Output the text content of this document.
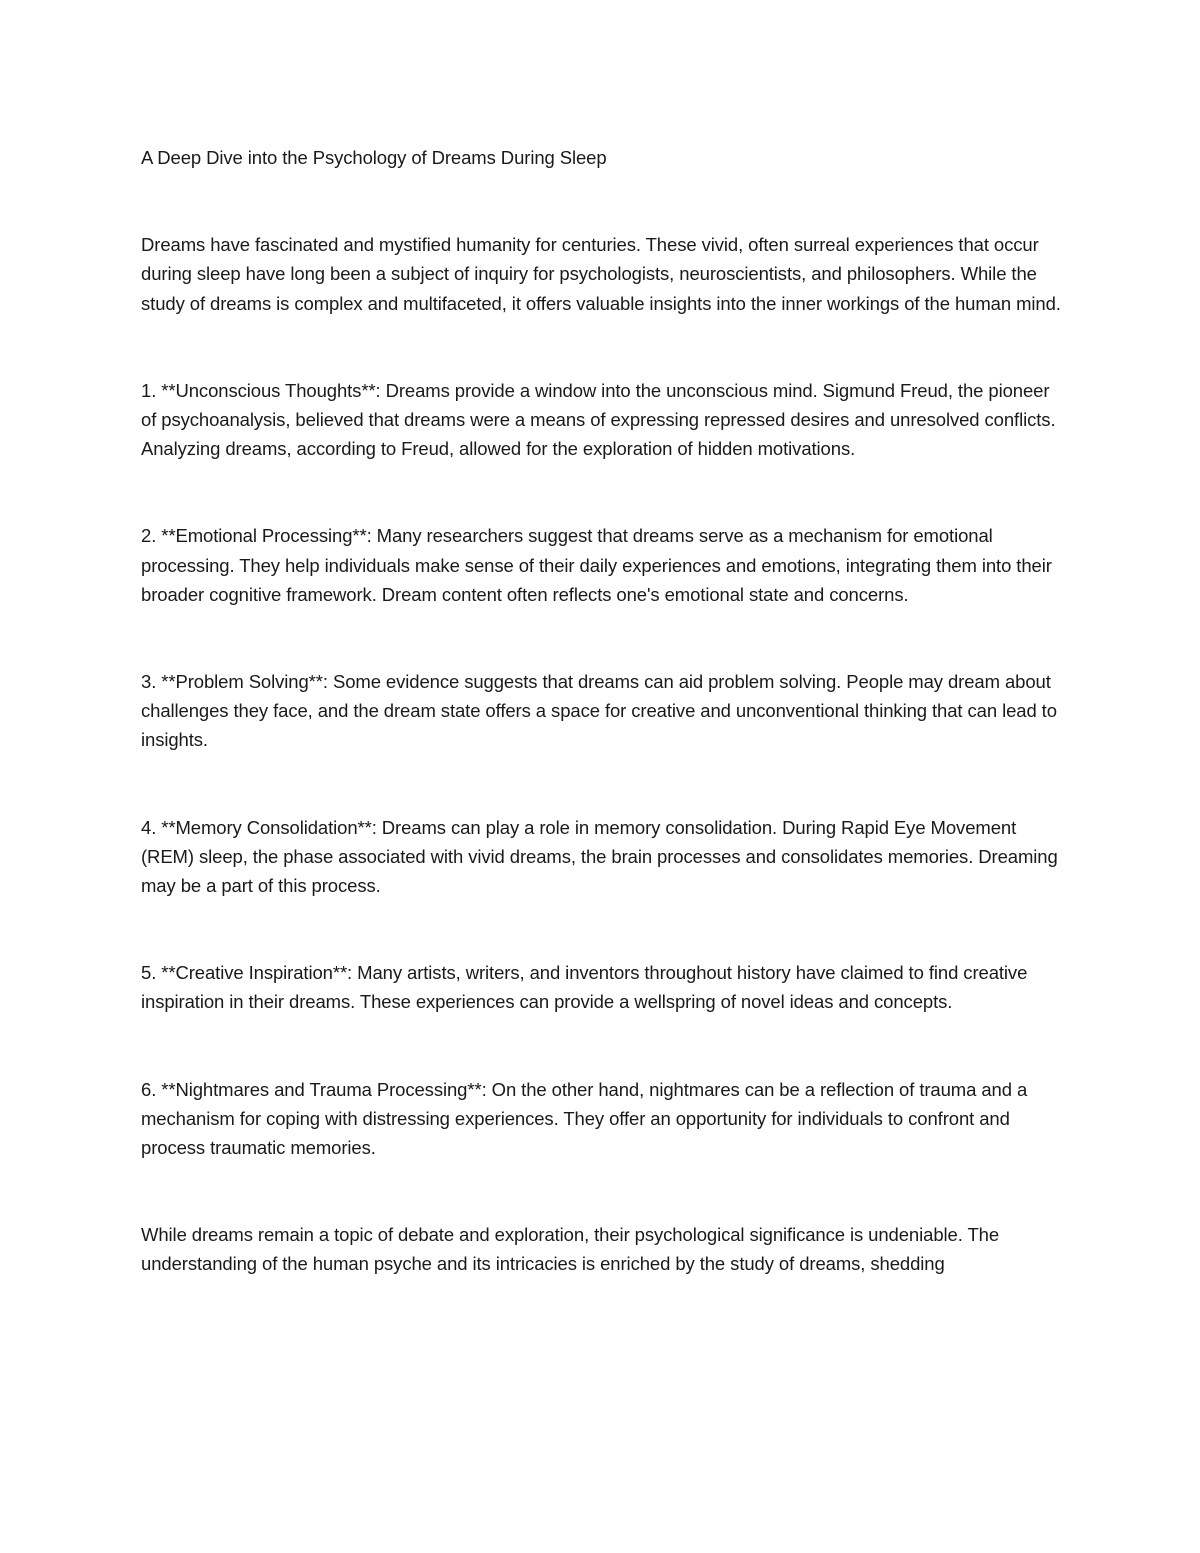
A Deep Dive into the Psychology of Dreams During Sleep

Dreams have fascinated and mystified humanity for centuries. These vivid, often surreal experiences that occur during sleep have long been a subject of inquiry for psychologists, neuroscientists, and philosophers. While the study of dreams is complex and multifaceted, it offers valuable insights into the inner workings of the human mind.

1. **Unconscious Thoughts**: Dreams provide a window into the unconscious mind. Sigmund Freud, the pioneer of psychoanalysis, believed that dreams were a means of expressing repressed desires and unresolved conflicts. Analyzing dreams, according to Freud, allowed for the exploration of hidden motivations.

2. **Emotional Processing**: Many researchers suggest that dreams serve as a mechanism for emotional processing. They help individuals make sense of their daily experiences and emotions, integrating them into their broader cognitive framework. Dream content often reflects one's emotional state and concerns.

3. **Problem Solving**: Some evidence suggests that dreams can aid problem solving. People may dream about challenges they face, and the dream state offers a space for creative and unconventional thinking that can lead to insights.

4. **Memory Consolidation**: Dreams can play a role in memory consolidation. During Rapid Eye Movement (REM) sleep, the phase associated with vivid dreams, the brain processes and consolidates memories. Dreaming may be a part of this process.

5. **Creative Inspiration**: Many artists, writers, and inventors throughout history have claimed to find creative inspiration in their dreams. These experiences can provide a wellspring of novel ideas and concepts.

6. **Nightmares and Trauma Processing**: On the other hand, nightmares can be a reflection of trauma and a mechanism for coping with distressing experiences. They offer an opportunity for individuals to confront and process traumatic memories.

While dreams remain a topic of debate and exploration, their psychological significance is undeniable. The understanding of the human psyche and its intricacies is enriched by the study of dreams, shedding
